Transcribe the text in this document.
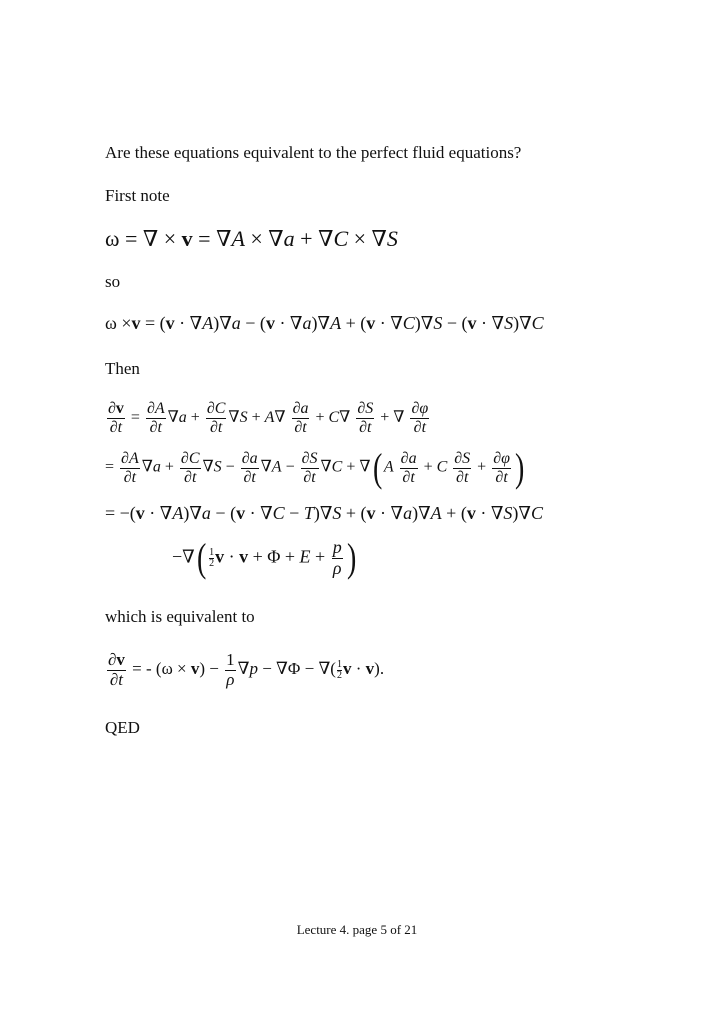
Are these equations equivalent to the perfect fluid equations?
First note
ω = ∇ × v = ∇A × ∇a + ∇C × ∇S
so
ω ×v = (v · ∇A)∇a − (v · ∇a)∇A + (v · ∇C)∇S − (v · ∇S)∇C
Then
$\frac{\partial v}{\partial t} = \frac{\partial A}{\partial t} \nabla a + \frac{\partial C}{\partial t} \nabla S + A\nabla \frac{\partial a}{\partial t} + C\nabla \frac{\partial S}{\partial t}$ + ∇ $\frac{\partial\varphi}{\partial t}$
= $\frac{\partial A}{\partial t} \nabla a + \frac{\partial C}{\partial t} \nabla S - \frac{\partial a}{\partial t} \nabla A - \frac{\partial S}{\partial t} \nabla C$ + ∇( A $\frac{\partial a}{\partial t} + C \frac{\partial S}{\partial t} + \frac{\partial\varphi}{\partial t}$ )
= −(v · ∇A)∇a − (v · ∇C − T)∇S + (v · ∇a)∇A + (v · ∇S)∇C
−∇( $\frac{1}{2}$ $v \cdot v + \Phi + E + \frac{p}{\rho}$ )
which is equivalent to
$\frac{\partial v}{\partial t}$ = - $(\omega \times v) - \frac{1}{\rho} \nabla p - \nabla\Phi$ − ∇( $\frac{1}{2}$ v · v).
QED
Lecture 4. page 5 of 21
